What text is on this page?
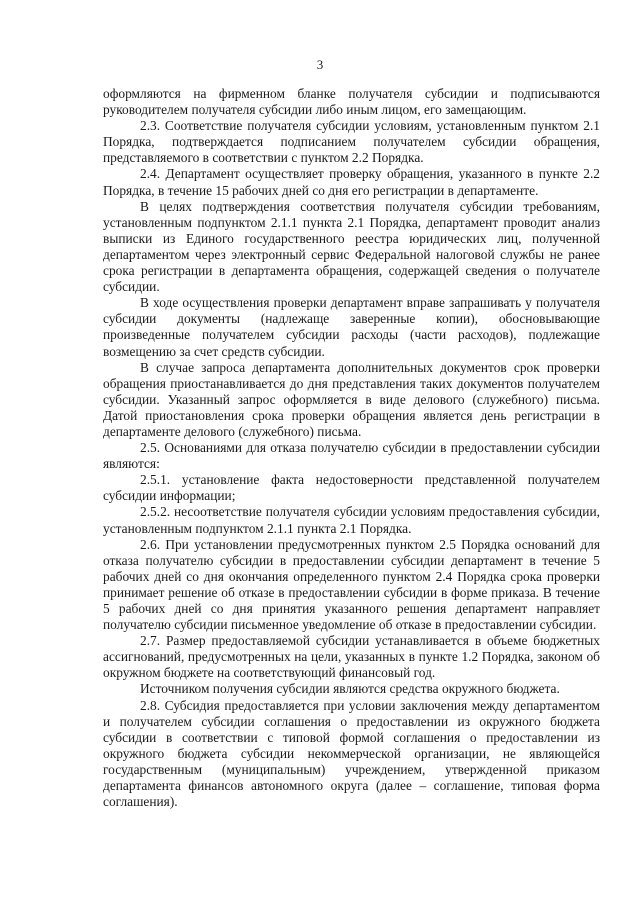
3

оформляются на фирменном бланке получателя субсидии и подписываются руководителем получателя субсидии либо иным лицом, его замещающим.

2.3. Соответствие получателя субсидии условиям, установленным пунктом 2.1 Порядка, подтверждается подписанием получателем субсидии обращения, представляемого в соответствии с пунктом 2.2 Порядка.

2.4. Департамент осуществляет проверку обращения, указанного в пункте 2.2 Порядка, в течение 15 рабочих дней со дня его регистрации в департаменте.

В целях подтверждения соответствия получателя субсидии требованиям, установленным подпунктом 2.1.1 пункта 2.1 Порядка, департамент проводит анализ выписки из Единого государственного реестра юридических лиц, полученной департаментом через электронный сервис Федеральной налоговой службы не ранее срока регистрации в департамента обращения, содержащей сведения о получателе субсидии.

В ходе осуществления проверки департамент вправе запрашивать у получателя субсидии документы (надлежаще заверенные копии), обосновывающие произведенные получателем субсидии расходы (части расходов), подлежащие возмещению за счет средств субсидии.

В случае запроса департамента дополнительных документов срок проверки обращения приостанавливается до дня представления таких документов получателем субсидии. Указанный запрос оформляется в виде делового (служебного) письма. Датой приостановления срока проверки обращения является день регистрации в департаменте делового (служебного) письма.

2.5. Основаниями для отказа получателю субсидии в предоставлении субсидии являются:

2.5.1. установление факта недостоверности представленной получателем субсидии информации;

2.5.2. несоответствие получателя субсидии условиям предоставления субсидии, установленным подпунктом 2.1.1 пункта 2.1 Порядка.

2.6. При установлении предусмотренных пунктом 2.5 Порядка оснований для отказа получателю субсидии в предоставлении субсидии департамент в течение 5 рабочих дней со дня окончания определенного пунктом 2.4 Порядка срока проверки принимает решение об отказе в предоставлении субсидии в форме приказа. В течение 5 рабочих дней со дня принятия указанного решения департамент направляет получателю субсидии письменное уведомление об отказе в предоставлении субсидии.

2.7. Размер предоставляемой субсидии устанавливается в объеме бюджетных ассигнований, предусмотренных на цели, указанных в пункте 1.2 Порядка, законом об окружном бюджете на соответствующий финансовый год.

Источником получения субсидии являются средства окружного бюджета.

2.8. Субсидия предоставляется при условии заключения между департаментом и получателем субсидии соглашения о предоставлении из окружного бюджета субсидии в соответствии с типовой формой соглашения о предоставлении из окружного бюджета субсидии некоммерческой организации, не являющейся государственным (муниципальным) учреждением, утвержденной приказом департамента финансов автономного округа (далее – соглашение, типовая форма соглашения).
